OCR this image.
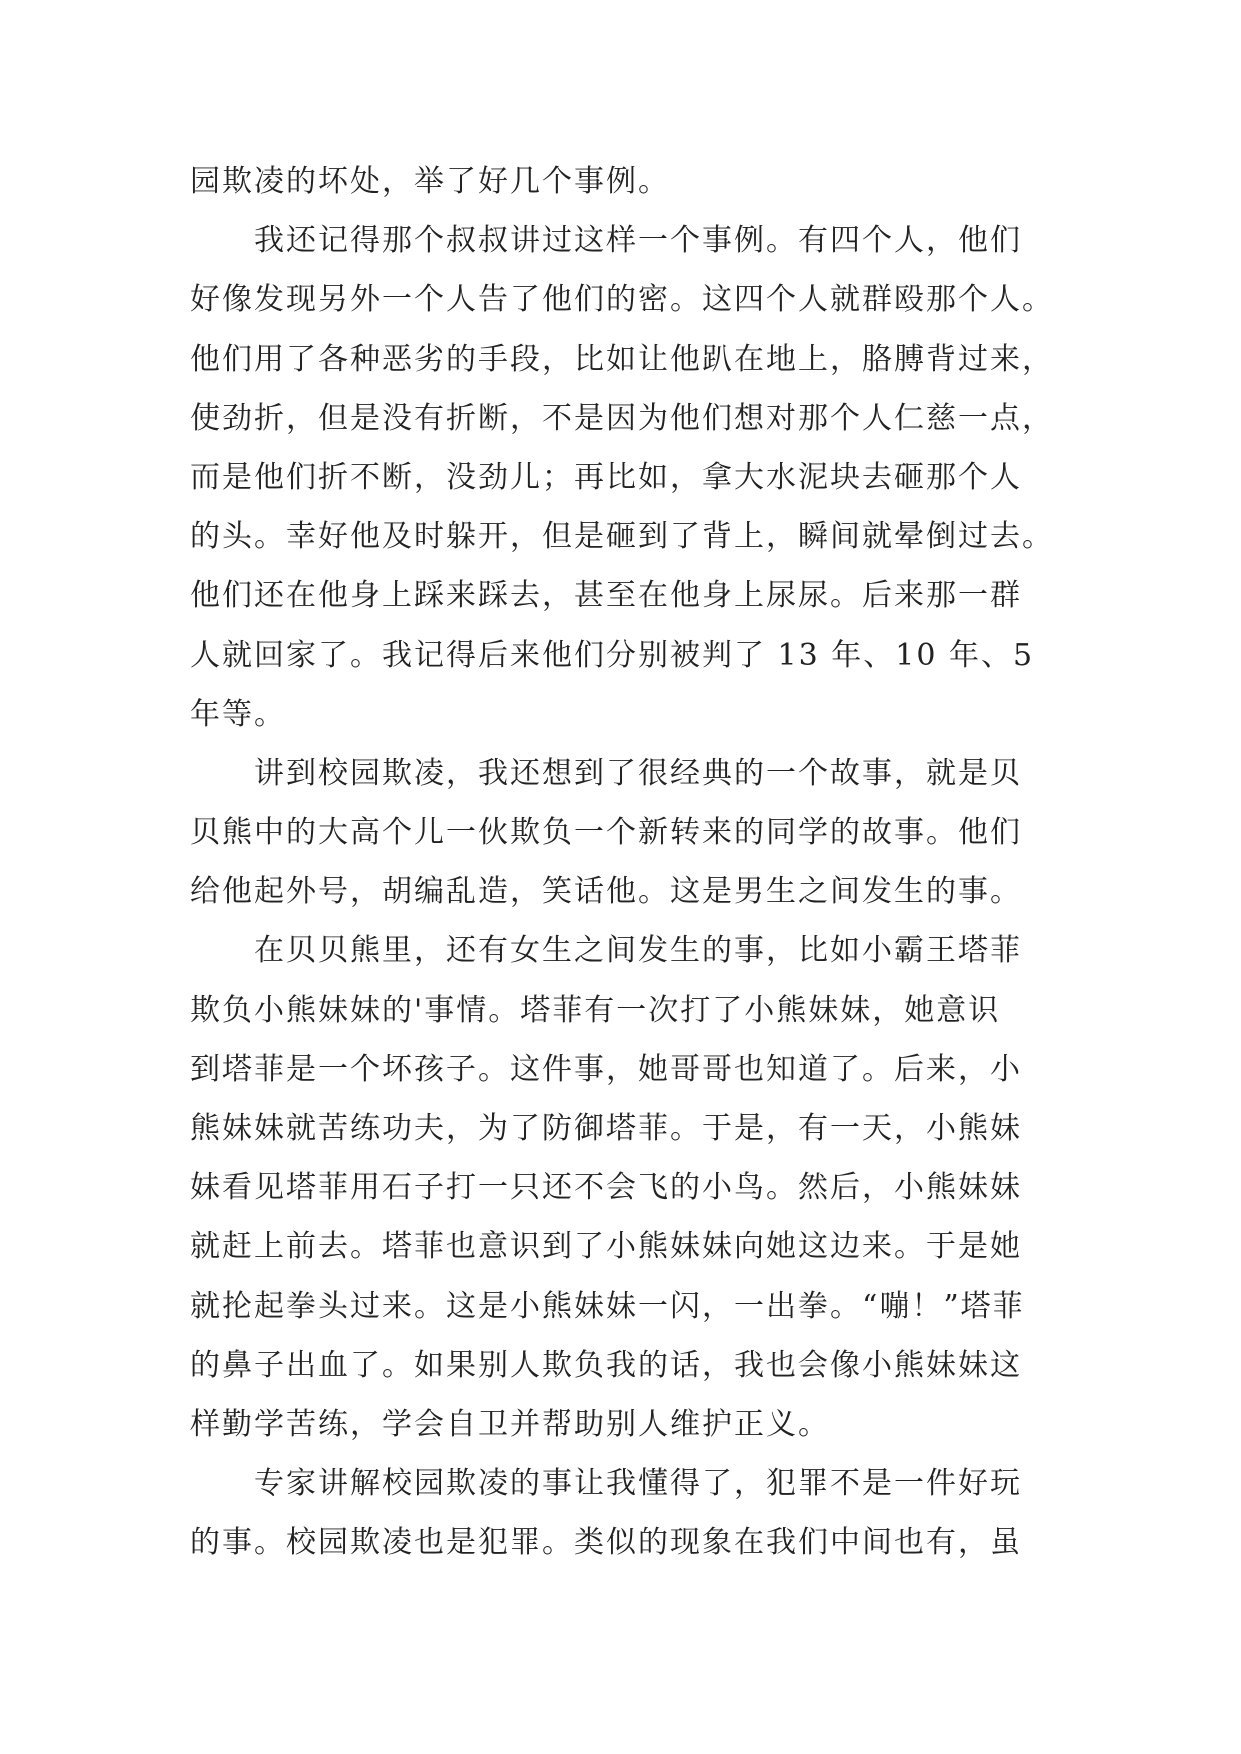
园欺凌的坏处，举了好几个事例。
我还记得那个叔叔讲过这样一个事例。有四个人，他们
好像发现另外一个人告了他们的密。这四个人就群殴那个人。
他们用了各种恶劣的手段，比如让他趴在地上，胳膊背过来，
使劲折，但是没有折断，不是因为他们想对那个人仁慈一点，
而是他们折不断，没劲儿；再比如，拿大水泥块去砸那个人
的头。幸好他及时躲开，但是砸到了背上，瞬间就晕倒过去。
他们还在他身上踩来踩去，甚至在他身上尿尿。后来那一群
人就回家了。我记得后来他们分别被判了 13 年、10 年、5
年等。
讲到校园欺凌，我还想到了很经典的一个故事，就是贝
贝熊中的大高个儿一伙欺负一个新转来的同学的故事。他们
给他起外号，胡编乱造，笑话他。这是男生之间发生的事。
在贝贝熊里，还有女生之间发生的事，比如小霸王塔菲
欺负小熊妹妹的'事情。塔菲有一次打了小熊妹妹，她意识
到塔菲是一个坏孩子。这件事，她哥哥也知道了。后来，小
熊妹妹就苦练功夫，为了防御塔菲。于是，有一天，小熊妹
妹看见塔菲用石子打一只还不会飞的小鸟。然后，小熊妹妹
就赶上前去。塔菲也意识到了小熊妹妹向她这边来。于是她
就抡起拳头过来。这是小熊妹妹一闪，一出拳。“嘣！”塔菲
的鼻子出血了。如果别人欺负我的话，我也会像小熊妹妹这
样勤学苦练，学会自卫并帮助别人维护正义。
专家讲解校园欺凌的事让我懂得了，犯罪不是一件好玩
的事。校园欺凌也是犯罪。类似的现象在我们中间也有，虽
